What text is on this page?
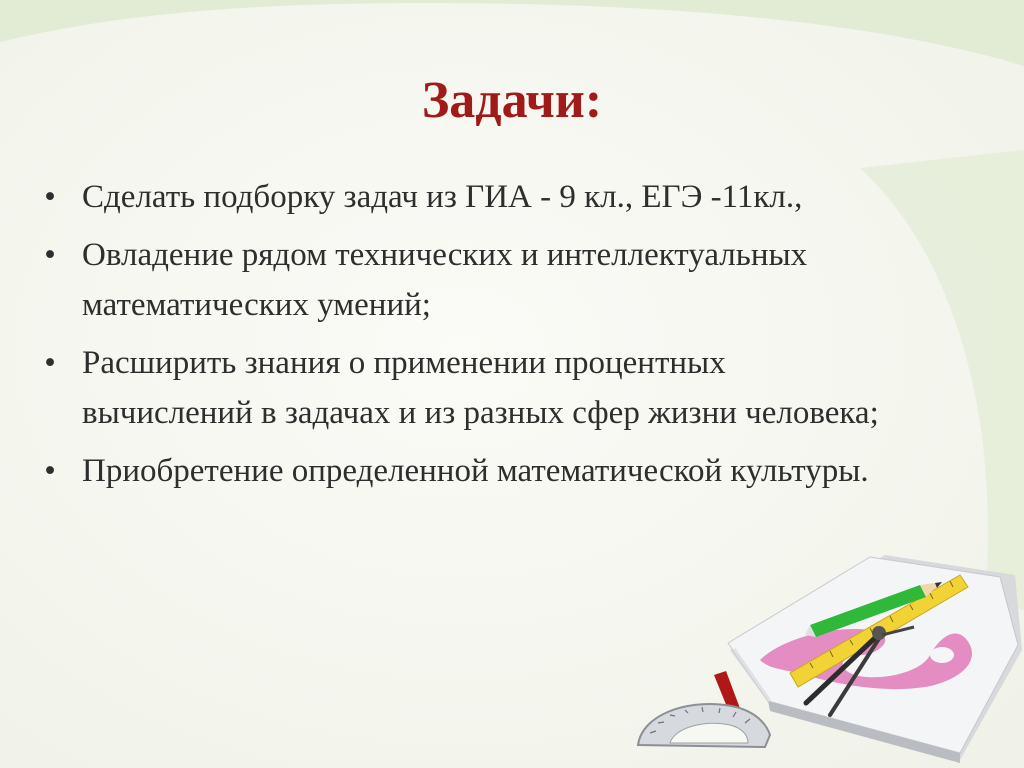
Задачи:
• Сделать подборку задач из ГИА - 9 кл., ЕГЭ -11кл.,
• Овладение рядом технических и интеллектуальных математических умений;
• Расширить знания о применении процентных вычислений в задачах и из разных сфер жизни человека;
• Приобретение определенной математической культуры.
